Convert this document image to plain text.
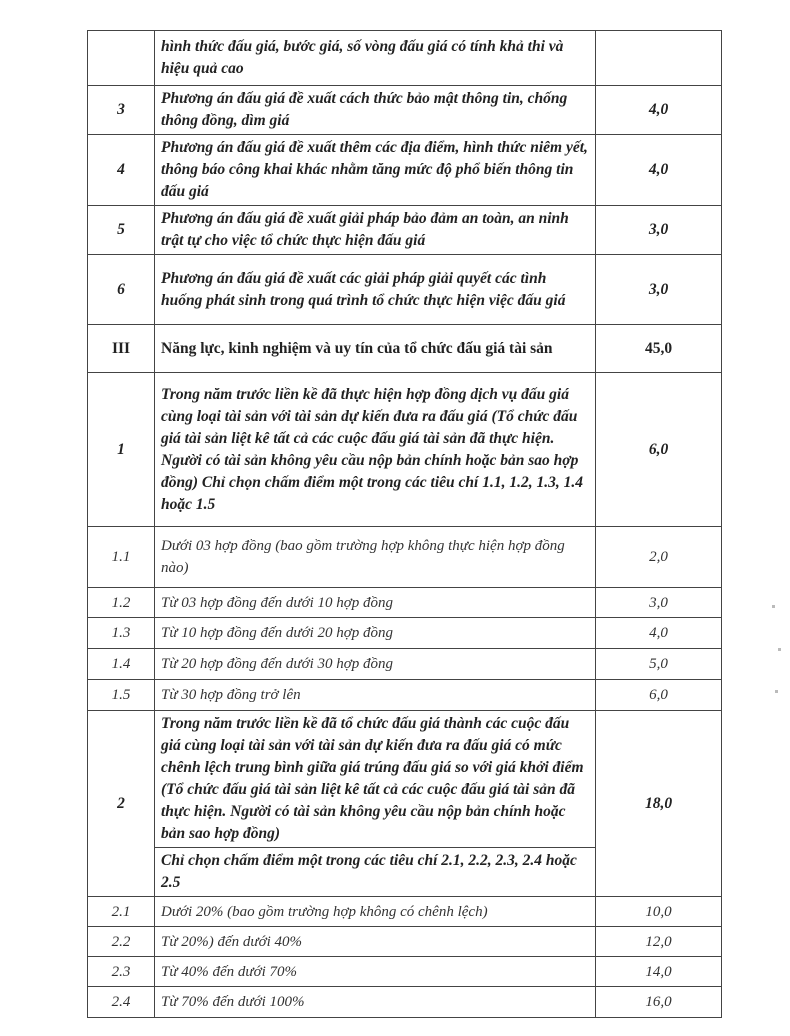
	hình thức đấu giá, bước giá, số vòng đấu giá có tính khả thi và hiệu quả cao	
3	Phương án đấu giá đề xuất cách thức bảo mật thông tin, chống thông đồng, dìm giá	4,0
4	Phương án đấu giá đề xuất thêm các địa điểm, hình thức niêm yết, thông báo công khai khác nhằm tăng mức độ phổ biến thông tin đấu giá	4,0
5	Phương án đấu giá đề xuất giải pháp bảo đảm an toàn, an ninh trật tự cho việc tổ chức thực hiện đấu giá	3,0
6	Phương án đấu giá đề xuất các giải pháp giải quyết các tình huống phát sinh trong quá trình tổ chức thực hiện việc đấu giá	3,0
III	Năng lực, kinh nghiệm và uy tín của tổ chức đấu giá tài sản	45,0
1	Trong năm trước liền kề đã thực hiện hợp đồng dịch vụ đấu giá cùng loại tài sản với tài sản dự kiến đưa ra đấu giá (Tổ chức đấu giá tài sản liệt kê tất cả các cuộc đấu giá tài sản đã thực hiện. Người có tài sản không yêu cầu nộp bản chính hoặc bản sao hợp đồng) Chỉ chọn chấm điểm một trong các tiêu chí 1.1, 1.2, 1.3, 1.4 hoặc 1.5	6,0
1.1	Dưới 03 hợp đồng (bao gồm trường hợp không thực hiện hợp đồng nào)	2,0
1.2	Từ 03 hợp đồng đến dưới 10 hợp đồng	3,0
1.3	Từ 10 hợp đồng đến dưới 20 hợp đồng	4,0
1.4	Từ 20 hợp đồng đến dưới 30 hợp đồng	5,0
1.5	Từ 30 hợp đồng trở lên	6,0
2	Trong năm trước liền kề đã tổ chức đấu giá thành các cuộc đấu giá cùng loại tài sản với tài sản dự kiến đưa ra đấu giá có mức chênh lệch trung bình giữa giá trúng đấu giá so với giá khởi điểm (Tổ chức đấu giá tài sản liệt kê tất cả các cuộc đấu giá tài sản đã thực hiện. Người có tài sản không yêu cầu nộp bản chính hoặc bản sao hợp đồng)
Chỉ chọn chấm điểm một trong các tiêu chí 2.1, 2.2, 2.3, 2.4 hoặc 2.5	18,0
2.1	Dưới 20% (bao gồm trường hợp không có chênh lệch)	10,0
2.2	Từ 20%) đến dưới 40%	12,0
2.3	Từ 40% đến dưới 70%	14,0
2.4	Từ 70% đến dưới 100%	16,0
